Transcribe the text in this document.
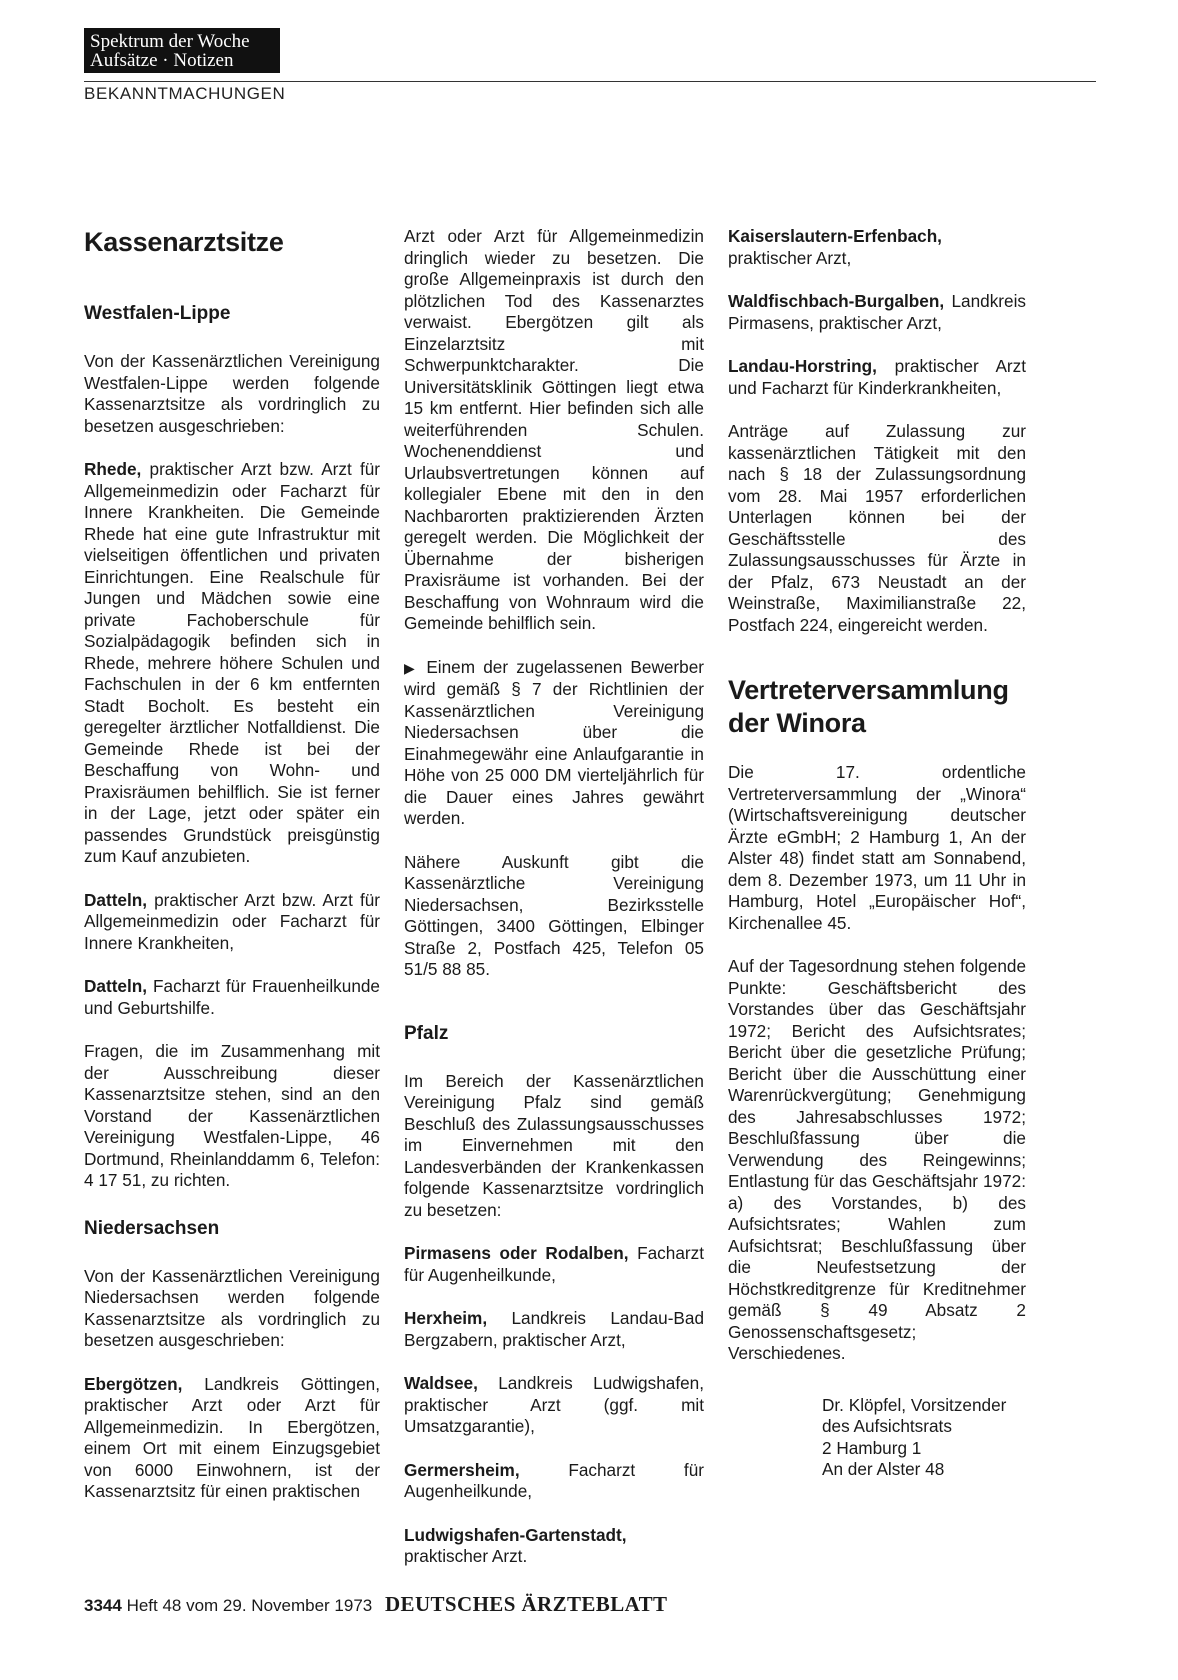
Spektrum der Woche
Aufsätze · Notizen
BEKANNTMACHUNGEN
Kassenarztsitze
Westfalen-Lippe

Von der Kassenärztlichen Vereinigung Westfalen-Lippe werden folgende Kassenarztsitze als vordringlich zu besetzen ausgeschrieben:

Rhede, praktischer Arzt bzw. Arzt für Allgemeinmedizin oder Facharzt für Innere Krankheiten. Die Gemeinde Rhede hat eine gute Infrastruktur mit vielseitigen öffentlichen und privaten Einrichtungen. Eine Realschule für Jungen und Mädchen sowie eine private Fachoberschule für Sozialpädagogik befinden sich in Rhede, mehrere höhere Schulen und Fachschulen in der 6 km entfernten Stadt Bocholt. Es besteht ein geregelter ärztlicher Notfalldienst. Die Gemeinde Rhede ist bei der Beschaffung von Wohn- und Praxisräumen behilflich. Sie ist ferner in der Lage, jetzt oder später ein passendes Grundstück preisgünstig zum Kauf anzubieten.

Datteln, praktischer Arzt bzw. Arzt für Allgemeinmedizin oder Facharzt für Innere Krankheiten,

Datteln, Facharzt für Frauenheilkunde und Geburtshilfe.

Fragen, die im Zusammenhang mit der Ausschreibung dieser Kassenarztsitze stehen, sind an den Vorstand der Kassenärztlichen Vereinigung Westfalen-Lippe, 46 Dortmund, Rheinlanddamm 6, Telefon: 4 17 51, zu richten.

Niedersachsen

Von der Kassenärztlichen Vereinigung Niedersachsen werden folgende Kassenarztsitze als vordringlich zu besetzen ausgeschrieben:

Ebergötzen, Landkreis Göttingen, praktischer Arzt oder Arzt für Allgemeinmedizin. In Ebergötzen, einem Ort mit einem Einzugsgebiet von 6000 Einwohnern, ist der Kassenarztsitz für einen praktischen

Arzt oder Arzt für Allgemeinmedizin dringlich wieder zu besetzen. Die große Allgemeinpraxis ist durch den plötzlichen Tod des Kassenarztes verwaist. Ebergötzen gilt als Einzelarztsitz mit Schwerpunktcharakter. Die Universitätsklinik Göttingen liegt etwa 15 km entfernt. Hier befinden sich alle weiterführenden Schulen. Wochenenddienst und Urlaubsvertretungen können auf kollegialer Ebene mit den in den Nachbarorten praktizierenden Ärzten geregelt werden. Die Möglichkeit der Übernahme der bisherigen Praxisräume ist vorhanden. Bei der Beschaffung von Wohnraum wird die Gemeinde behilflich sein.

▶ Einem der zugelassenen Bewerber wird gemäß § 7 der Richtlinien der Kassenärztlichen Vereinigung Niedersachsen über die Einahmegewähr eine Anlaufgarantie in Höhe von 25 000 DM vierteljährlich für die Dauer eines Jahres gewährt werden.

Nähere Auskunft gibt die Kassenärztliche Vereinigung Niedersachsen, Bezirksstelle Göttingen, 3400 Göttingen, Elbinger Straße 2, Postfach 425, Telefon 05 51/5 88 85.

Pfalz

Im Bereich der Kassenärztlichen Vereinigung Pfalz sind gemäß Beschluß des Zulassungsausschusses im Einvernehmen mit den Landesverbänden der Krankenkassen folgende Kassenarztsitze vordringlich zu besetzen:

Pirmasens oder Rodalben, Facharzt für Augenheilkunde,

Herxheim, Landkreis Landau-Bad Bergzabern, praktischer Arzt,

Waldsee, Landkreis Ludwigshafen, praktischer Arzt (ggf. mit Umsatzgarantie),

Germersheim,	Facharzt für Augenheilkunde,

Ludwigshafen-Gartenstadt, praktischer Arzt.

Kaiserslautern-Erfenbach, praktischer Arzt,

Waldfischbach-Burgalben, Landkreis Pirmasens, praktischer Arzt,

Landau-Horstring, praktischer Arzt und Facharzt für Kinderkrankheiten,

Anträge auf Zulassung zur kassenärztlichen Tätigkeit mit den nach § 18 der Zulassungsordnung vom 28. Mai 1957 erforderlichen Unterlagen können bei der Geschäftsstelle des Zulassungsausschusses für Ärzte in der Pfalz, 673 Neustadt an der Weinstraße, Maximilianstraße 22, Postfach 224, eingereicht werden.

Vertreterversammlung
der Winora

Die 17. ordentliche Vertreterversammlung der „Winora“ (Wirtschaftsvereinigung deutscher Ärzte eGmbH; 2 Hamburg 1, An der Alster 48) findet statt am Sonnabend, dem 8. Dezember 1973, um 11 Uhr in Hamburg, Hotel „Europäischer Hof“, Kirchenallee 45.

Auf der Tagesordnung stehen folgende Punkte: Geschäftsbericht des Vorstandes über das Geschäftsjahr 1972; Bericht des Aufsichtsrates; Bericht über die gesetzliche Prüfung; Bericht über die Ausschüttung einer Warenrückvergütung; Genehmigung des Jahresabschlusses 1972; Beschlußfassung über die Verwendung des Reingewinns; Entlastung für das Geschäftsjahr 1972: a) des Vorstandes, b) des Aufsichtsrates; Wahlen zum Aufsichtsrat; Beschlußfassung über die Neufestsetzung der Höchstkreditgrenze für Kreditnehmer gemäß § 49 Absatz 2 Genossenschaftsgesetz; Verschiedenes.

Dr. Klöpfel, Vorsitzender

des Aufsichtsrats

2 Hamburg 1

An der Alster 48

3344 Heft 48 vom 29. November 1973 DEUTSCHES ÄRZTEBLATT
